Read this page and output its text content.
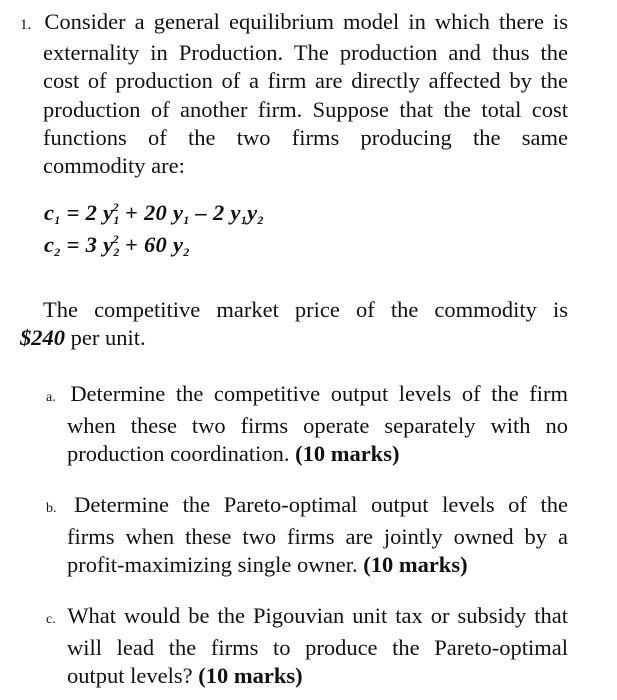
1. Consider a general equilibrium model in which there is
externality in Production. The production and thus the
cost of production of a firm are directly affected by the
production of another firm. Suppose that the total cost
functions of the two firms producing the same
commodity are:
$c_1 = 2$ $y_1^2 + 20$ $y_1 - 2$ $y_1y_2$
$c_2 = 3$ $y_2^2 + 60$ $y_2$
The competitive market price of the commodity is
$240 per unit.
a. Determine the competitive output levels of the firm
when these two firms operate separately with no
production coordination. (10 marks)
b. Determine the Pareto-optimal output levels of the
firms when these two firms are jointly owned by a
profit-maximizing single owner. (10 marks)
c. What would be the Pigouvian unit tax or subsidy that
will lead the firms to produce the Pareto-optimal
output levels? (10 marks)
